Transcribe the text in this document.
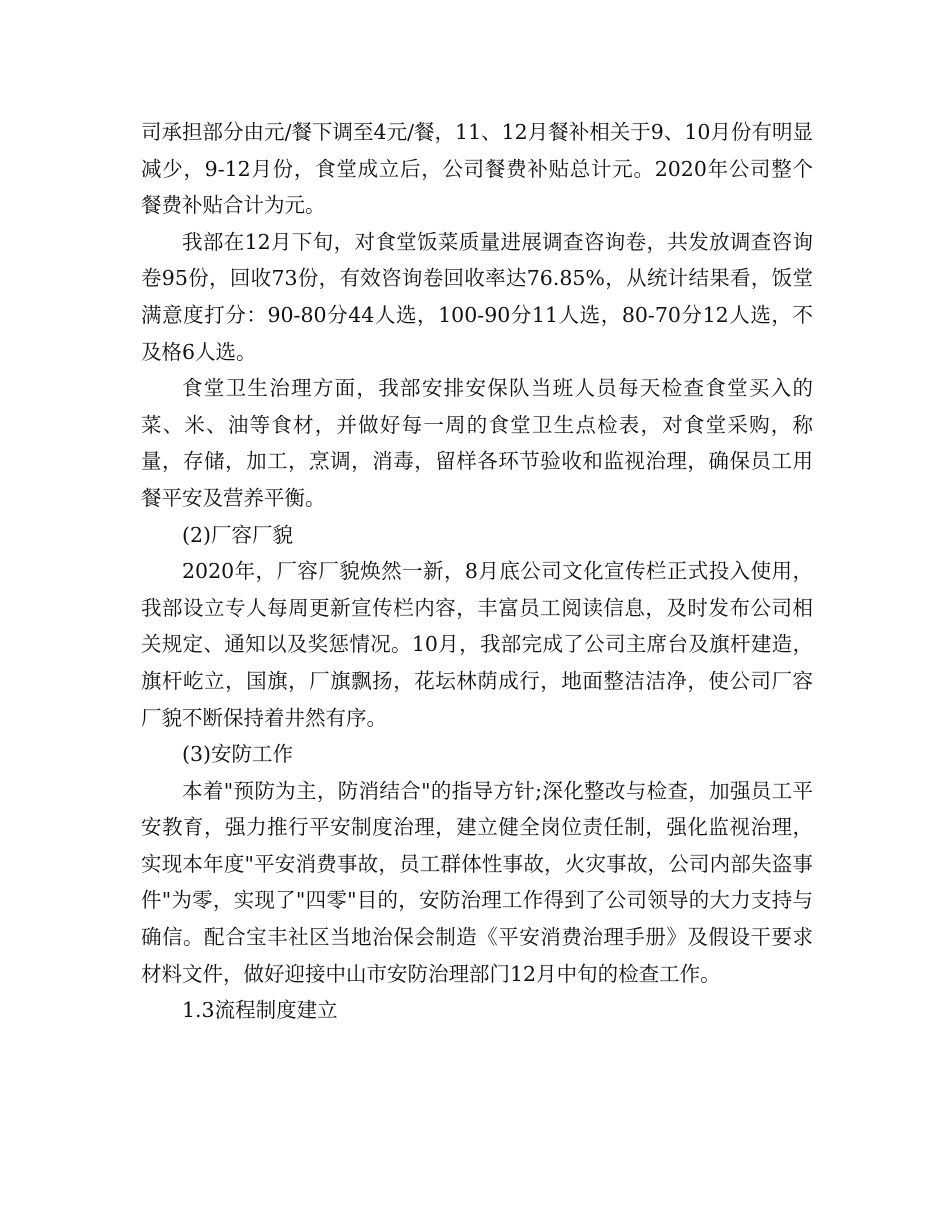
司承担部分由元/餐下调至4元/餐，11、12月餐补相关于9、10月份有明显减少，9-12月份，食堂成立后，公司餐费补贴总计元。2020年公司整个餐费补贴合计为元。

我部在12月下旬，对食堂饭菜质量进展调查咨询卷，共发放调查咨询卷95份，回收73份，有效咨询卷回收率达76.85%，从统计结果看，饭堂满意度打分：90-80分44人选，100-90分11人选，80-70分12人选，不及格6人选。

食堂卫生治理方面，我部安排安保队当班人员每天检查食堂买入的菜、米、油等食材，并做好每一周的食堂卫生点检表，对食堂采购，称量，存储，加工，烹调，消毒，留样各环节验收和监视治理，确保员工用餐平安及营养平衡。

(2)厂容厂貌

2020年，厂容厂貌焕然一新，8月底公司文化宣传栏正式投入使用，我部设立专人每周更新宣传栏内容，丰富员工阅读信息，及时发布公司相关规定、通知以及奖惩情况。10月，我部完成了公司主席台及旗杆建造，旗杆屹立，国旗，厂旗飘扬，花坛林荫成行，地面整洁洁净，使公司厂容厂貌不断保持着井然有序。

(3)安防工作

本着"预防为主，防消结合"的指导方针;深化整改与检查，加强员工平安教育，强力推行平安制度治理，建立健全岗位责任制，强化监视治理，实现本年度"平安消费事故，员工群体性事故，火灾事故，公司内部失盗事件"为零，实现了"四零"目的，安防治理工作得到了公司领导的大力支持与确信。配合宝丰社区当地治保会制造《平安消费治理手册》及假设干要求材料文件，做好迎接中山市安防治理部门12月中旬的检查工作。

1.3流程制度建立
